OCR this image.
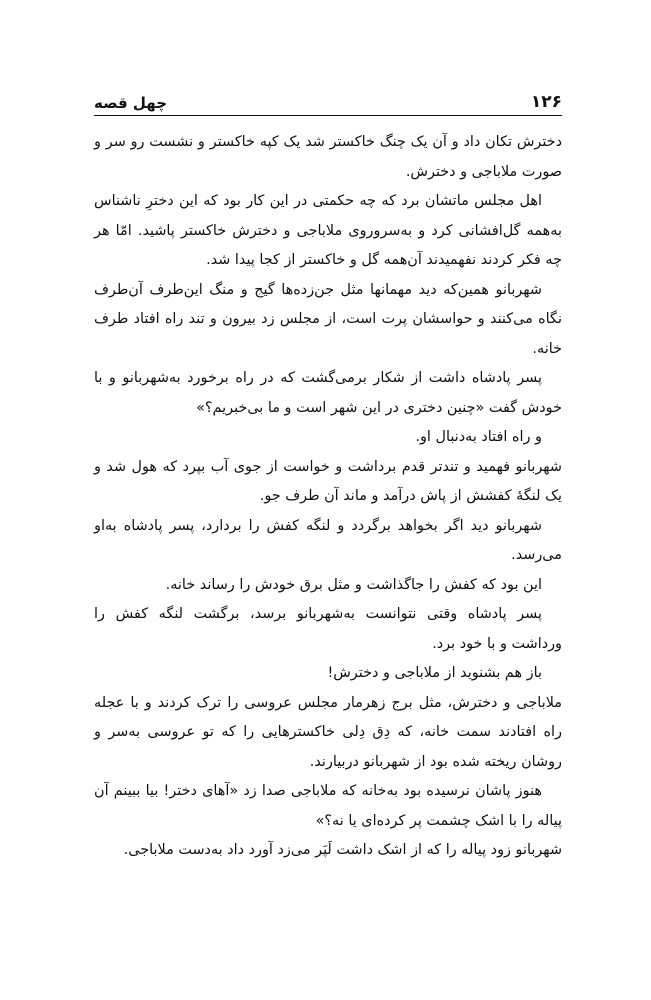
۱۲۶
چهل قصه

دخترش تکان داد و آن یک چنگ خاکستر شد یک کپه خاکستر و نشست رو سر و صورت ملاباجی و دخترش.

اهل مجلس ماتشان برد که چه حکمتی در این کار بود که این دخترِ ناشناس به‌همه گل‌افشانی کرد و به‌سروروی ملاباجی و دخترش خاکستر پاشید. امّا هر چه فکر کردند نفهمیدند آن‌همه گل و خاکستر از کجا پیدا شد.

شهربانو همین‌که دید مهمانها مثل جن‌زده‌ها گیج و منگ این‌طرف آن‌طرف نگاه می‌کنند و حواسشان پرت است، از مجلس زد بیرون و تند راه افتاد طرف خانه.

پسر پادشاه داشت از شکار برمی‌گشت که در راه برخورد به‌شهربانو و با خودش گفت «چنین دختری در این شهر است و ما بی‌خبریم؟»

و راه افتاد به‌دنبال او.

شهربانو فهمید و تندتر قدم برداشت و خواست از جوی آب بپرد که هول شد و یک لنگهٔ کفشش از پاش درآمد و ماند آن طرف جو.

شهربانو دید اگر بخواهد برگردد و لنگه کفش را بردارد، پسر پادشاه به‌او می‌رسد.

این بود که کفش را جاگذاشت و مثل برق خودش را رساند خانه.

پسر پادشاه وقتی نتوانست به‌شهربانو برسد، برگشت لنگه کفش را ورداشت و با خود برد.

باز هم بشنوید از ملاباجی و دخترش!

ملاباجی و دخترش، مثل برج زهرمار مجلس عروسی را ترک کردند و با عجله راه افتادند سمت خانه، که دِق دِلی خاکسترهایی را که تو عروسی به‌سر و روشان ریخته شده بود از شهربانو دربیارند.

هنوز پاشان نرسیده بود به‌خانه که ملاباجی صدا زد «آهای دختر! بیا ببینم آن پیاله را با اشک چشمت پر کرده‌ای یا نه؟»

شهربانو زود پیاله را که از اشک داشت لَپَر می‌زد آورد داد به‌دست ملاباجی.
